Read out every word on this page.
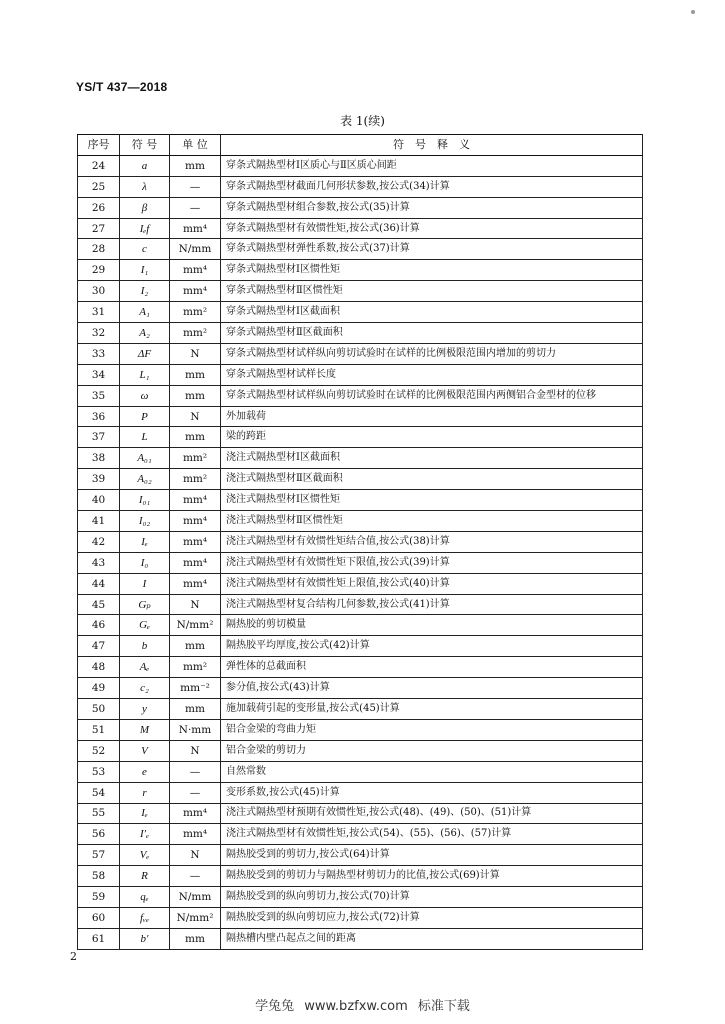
YS/T 437—2018
表 1(续)
序号	符 号	单 位	符　号　释　义
24	a	mm	穿条式隔热型材Ⅰ区质心与Ⅱ区质心间距
25	λ	—	穿条式隔热型材截面几何形状参数,按公式(34)计算
26	β	—	穿条式隔热型材组合参数,按公式(35)计算
27	Iₑf	mm⁴	穿条式隔热型材有效惯性矩,按公式(36)计算
28	c	N/mm	穿条式隔热型材弹性系数,按公式(37)计算
29	I₁	mm⁴	穿条式隔热型材Ⅰ区惯性矩
30	I₂	mm⁴	穿条式隔热型材Ⅱ区惯性矩
31	A₁	mm²	穿条式隔热型材Ⅰ区截面积
32	A₂	mm²	穿条式隔热型材Ⅱ区截面积
33	ΔF	N	穿条式隔热型材试样纵向剪切试验时在试样的比例极限范围内增加的剪切力
34	L₁	mm	穿条式隔热型材试样长度
35	ω	mm	穿条式隔热型材试样纵向剪切试验时在试样的比例极限范围内两侧铝合金型材的位移
36	P	N	外加载荷
37	L	mm	梁的跨距
38	A₀₁	mm²	浇注式隔热型材Ⅰ区截面积
39	A₀₂	mm²	浇注式隔热型材Ⅱ区截面积
40	I₀₁	mm⁴	浇注式隔热型材Ⅰ区惯性矩
41	I₀₂	mm⁴	浇注式隔热型材Ⅱ区惯性矩
42	Iₑ	mm⁴	浇注式隔热型材有效惯性矩结合值,按公式(38)计算
43	I₀	mm⁴	浇注式隔热型材有效惯性矩下限值,按公式(39)计算
44	I	mm⁴	浇注式隔热型材有效惯性矩上限值,按公式(40)计算
45	Gₚ	N	浇注式隔热型材复合结构几何参数,按公式(41)计算
46	Gₑ	N/mm²	隔热胶的剪切模量
47	b	mm	隔热胶平均厚度,按公式(42)计算
48	Aₑ	mm²	弹性体的总截面积
49	c₂	mm⁻²	参分值,按公式(43)计算
50	y	mm	施加载荷引起的变形量,按公式(45)计算
51	M	N·mm	铝合金梁的弯曲力矩
52	V	N	铝合金梁的剪切力
53	e	—	自然常数
54	r	—	变形系数,按公式(45)计算
55	Iₑ	mm⁴	浇注式隔热型材预期有效惯性矩,按公式(48)、(49)、(50)、(51)计算
56	I′ₑ	mm⁴	浇注式隔热型材有效惯性矩,按公式(54)、(55)、(56)、(57)计算
57	Vₑ	N	隔热胶受到的剪切力,按公式(64)计算
58	R	—	隔热胶受到的剪切力与隔热型材剪切力的比值,按公式(69)计算
59	qₑ	N/mm	隔热胶受到的纵向剪切力,按公式(70)计算
60	fᵥₑ	N/mm²	隔热胶受到的纵向剪切应力,按公式(72)计算
61	b′	mm	隔热槽内壁凸起点之间的距离
2
学兔兔 www.bzfxw.com 标准下载
